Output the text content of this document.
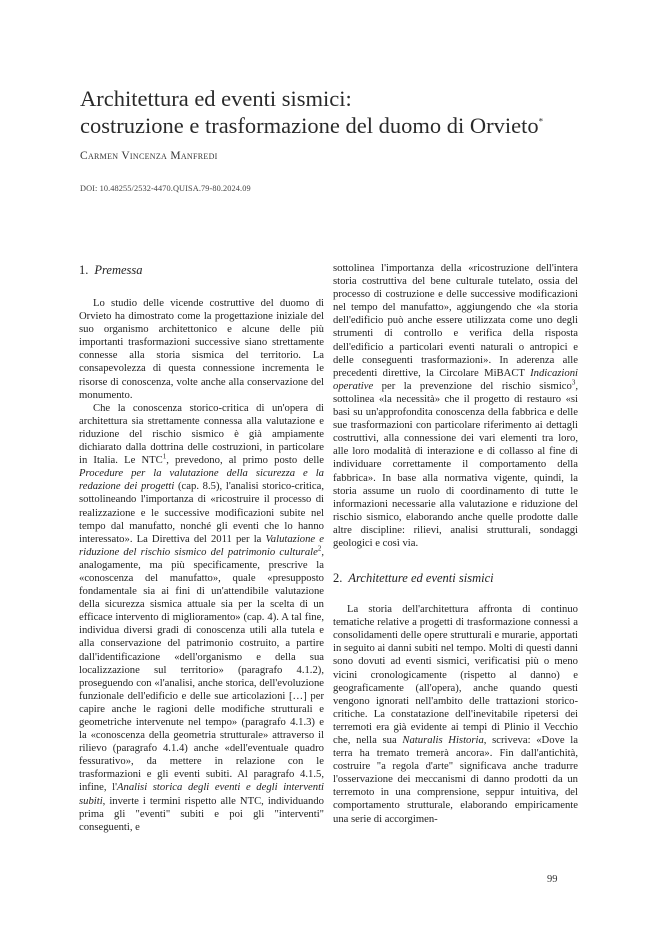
Architettura ed eventi sismici:
costruzione e trasformazione del duomo di Orvieto*
Carmen Vincenza Manfredi
DOI: 10.48255/2532-4470.QUISA.79-80.2024.09
1. Premessa

Lo studio delle vicende costruttive del duomo di Orvieto ha dimostrato come la progettazione iniziale del suo organismo architettonico e alcune delle più importanti trasformazioni successive siano strettamente connesse alla storia sismica del territorio. La consapevolezza di questa connessione incrementa le risorse di conoscenza, volte anche alla conservazione del monumento.

Che la conoscenza storico-critica di un'opera di architettura sia strettamente connessa alla valutazione e riduzione del rischio sismico è già ampiamente dichiarato dalla dottrina delle costruzioni, in particolare in Italia. Le NTC$^1$, prevedono, al primo posto delle Procedure per la valutazione della sicurezza e la redazione dei progetti (cap. 8.5), l'analisi storico-critica, sottolineando l'importanza di «ricostruire il processo di realizzazione e le successive modificazioni subite nel tempo dal manufatto, nonché gli eventi che lo hanno interessato». La Direttiva del 2011 per la Valutazione e riduzione del rischio sismico del patrimonio culturale$^2$, analogamente, ma più specificamente, prescrive la «conoscenza del manufatto», quale «presupposto fondamentale sia ai fini di un'attendibile valutazione della sicurezza sismica attuale sia per la scelta di un efficace intervento di miglioramento» (cap. 4). A tal fine, individua diversi gradi di conoscenza utili alla tutela e alla conservazione del patrimonio costruito, a partire dall'identificazione «dell'organismo e della sua localizzazione sul territorio» (paragrafo 4.1.2), proseguendo con «l'analisi, anche storica, dell'evoluzione funzionale dell'edificio e delle sue articolazioni […] per capire anche le ragioni delle modifiche strutturali e geometriche intervenute nel tempo» (paragrafo 4.1.3) e la «conoscenza della geometria strutturale» attraverso il rilievo (paragrafo 4.1.4) anche «dell'eventuale quadro fessurativo», da mettere in relazione con le trasformazioni e gli eventi subiti. Al paragrafo 4.1.5, infine, l'Analisi storica degli eventi e degli interventi subiti, inverte i termini rispetto alle NTC, individuando prima gli "eventi" subiti e poi gli "interventi" conseguenti, e

sottolinea l'importanza della «ricostruzione dell'intera storia costruttiva del bene culturale tutelato, ossia del processo di costruzione e delle successive modificazioni nel tempo del manufatto», aggiungendo che «la storia dell'edificio può anche essere utilizzata come uno degli strumenti di controllo e verifica della risposta dell'edificio a particolari eventi naturali o antropici e delle conseguenti trasformazioni». In aderenza alle precedenti direttive, la Circolare MiBACT Indicazioni operative per la prevenzione del rischio sismico$^3$, sottolinea «la necessità» che il progetto di restauro «si basi su un'approfondita conoscenza della fabbrica e delle sue trasformazioni con particolare riferimento ai dettagli costruttivi, alla connessione dei vari elementi tra loro, alle loro modalità di interazione e di collasso al fine di individuare correttamente il comportamento della fabbrica». In base alla normativa vigente, quindi, la storia assume un ruolo di coordinamento di tutte le informazioni necessarie alla valutazione e riduzione del rischio sismico, elaborando anche quelle prodotte dalle altre discipline: rilievi, analisi strutturali, sondaggi geologici e così via.

2. Architetture ed eventi sismici

La storia dell'architettura affronta di continuo tematiche relative a progetti di trasformazione connessi a consolidamenti delle opere strutturali e murarie, apportati in seguito ai danni subiti nel tempo. Molti di questi danni sono dovuti ad eventi sismici, verificatisi più o meno vicini cronologicamente (rispetto al danno) e geograficamente (all'opera), anche quando questi vengono ignorati nell'ambito delle trattazioni storico-critiche. La constatazione dell'inevitabile ripetersi dei terremoti era già evidente ai tempi di Plinio il Vecchio che, nella sua Naturalis Historia, scriveva: «Dove la terra ha tremato tremerà ancora». Fin dall'antichità, costruire "a regola d'arte" significava anche tradurre l'osservazione dei meccanismi di danno prodotti da un terremoto in una comprensione, seppur intuitiva, del comportamento strutturale, elaborando empiricamente una serie di accorgimen-

99
